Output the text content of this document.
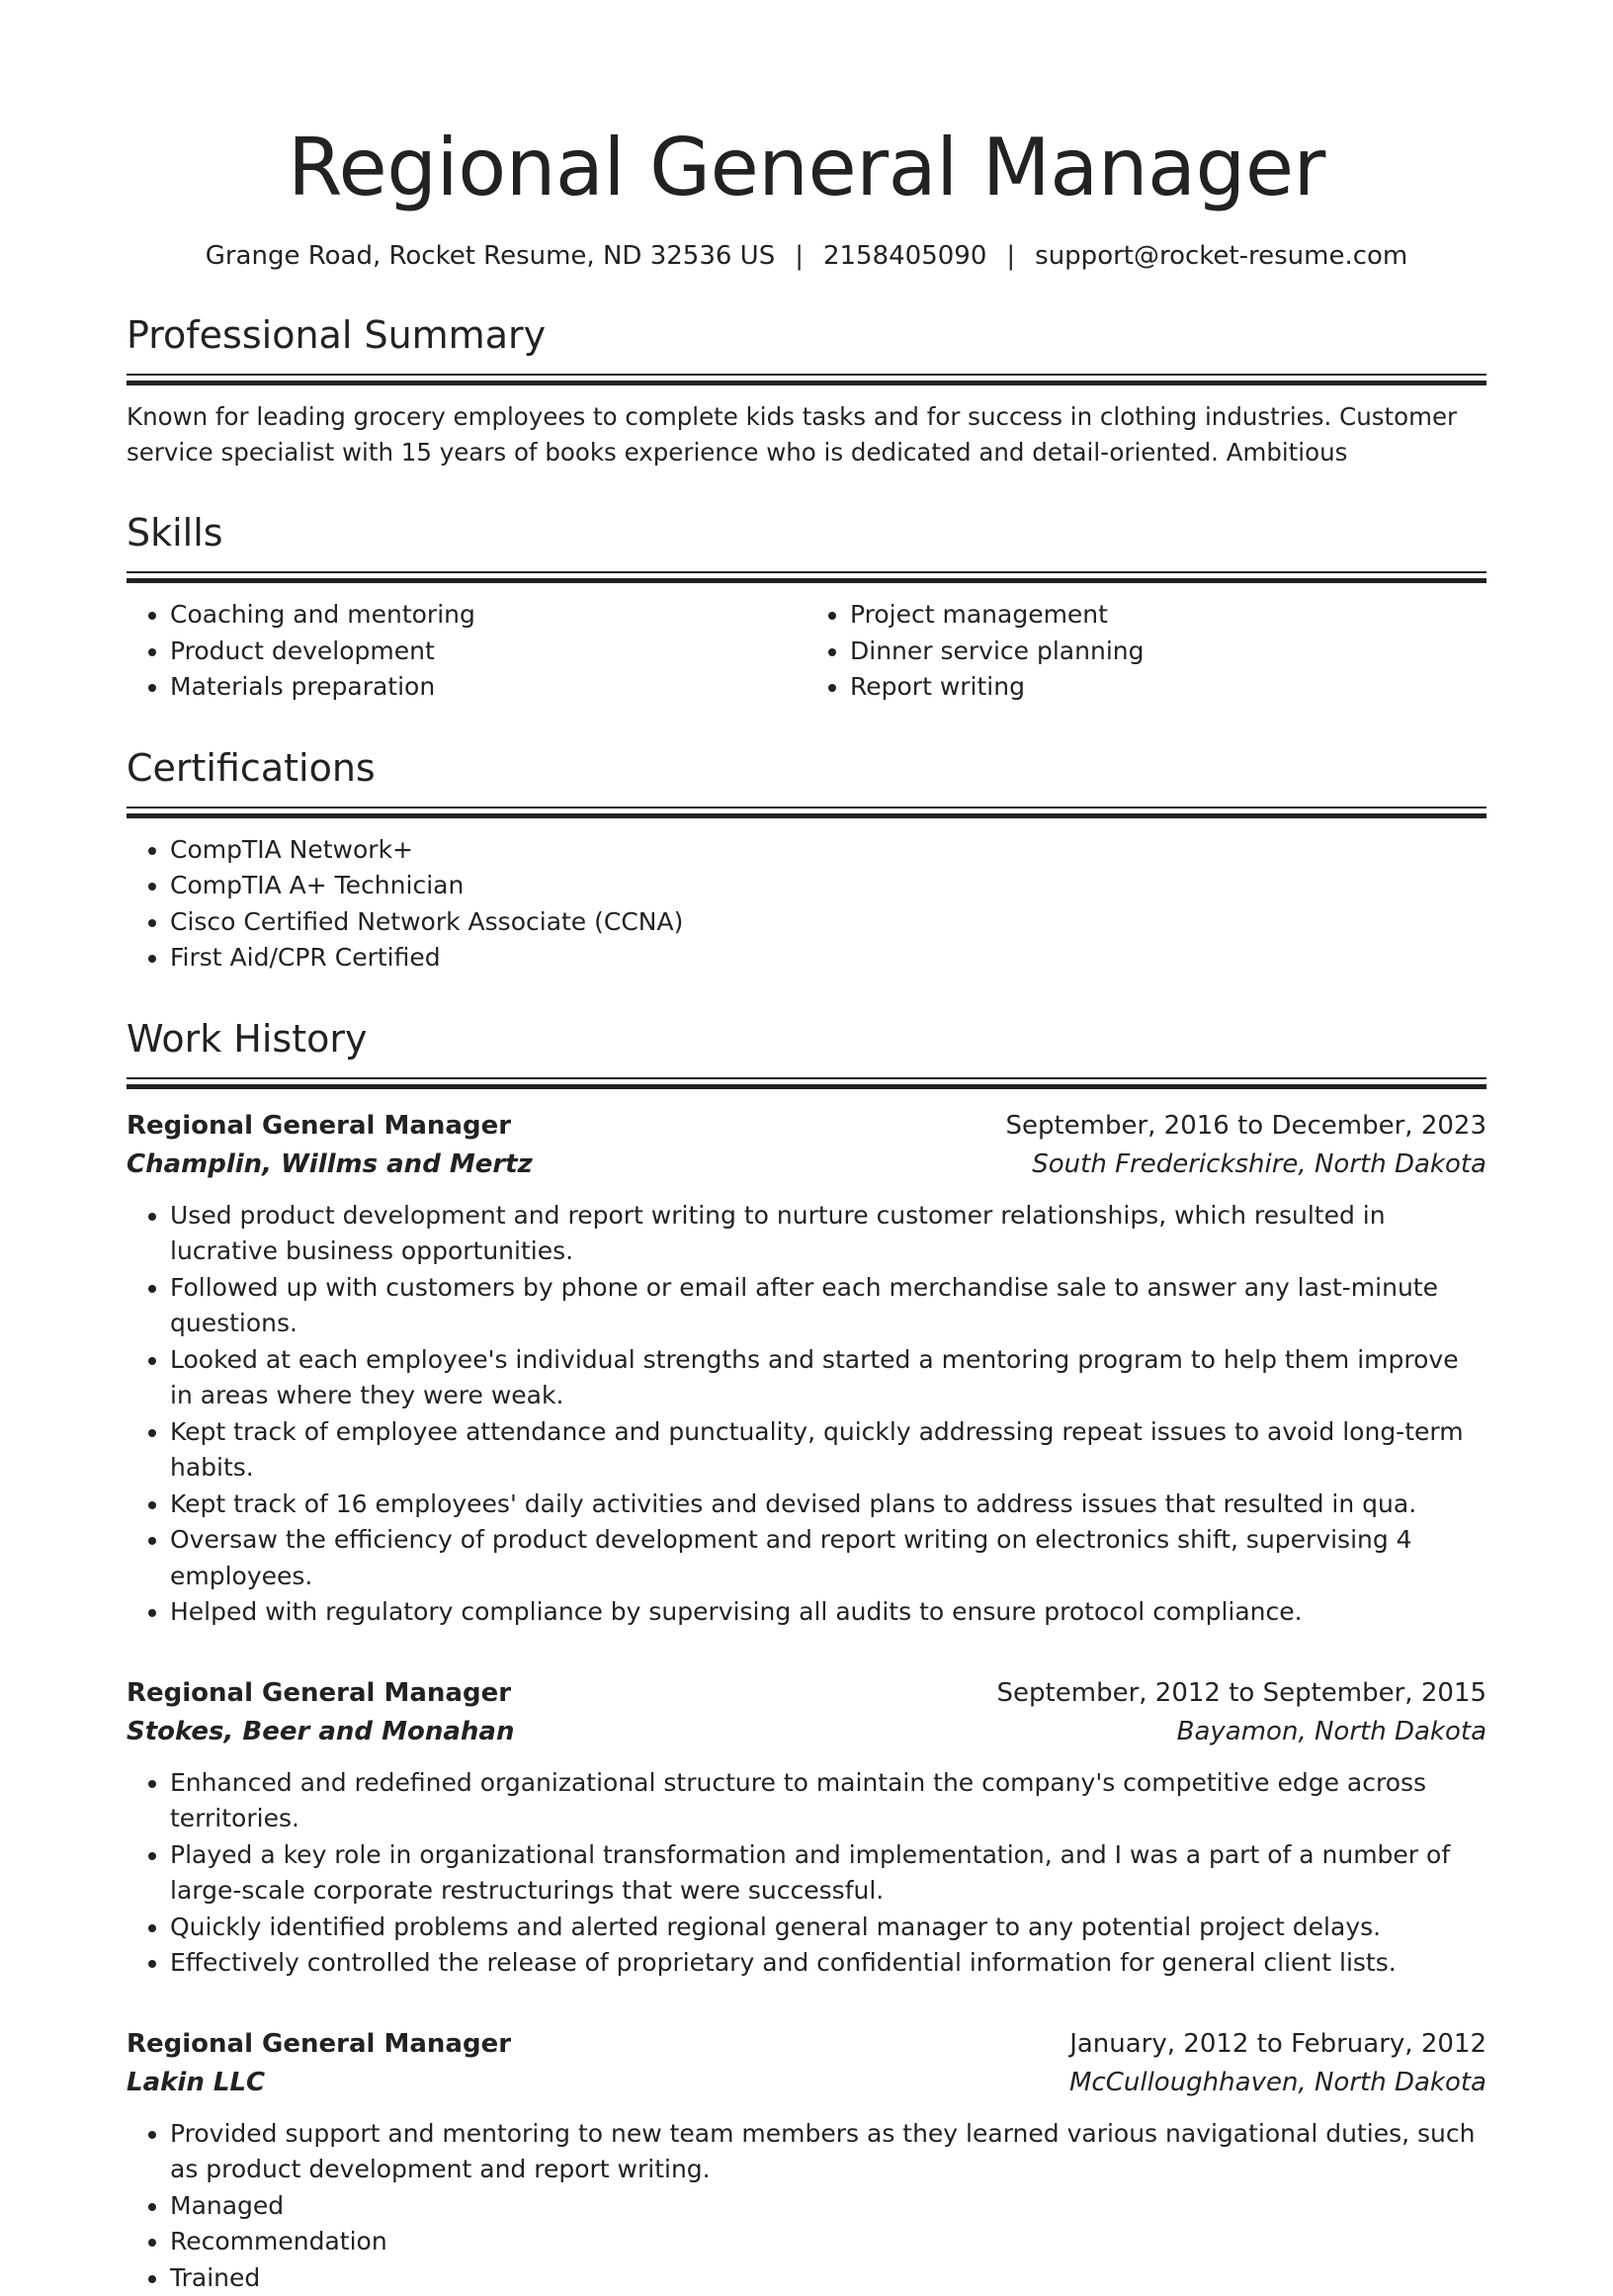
Regional General Manager
Grange Road, Rocket Resume, ND 32536 US | 2158405090 | support@rocket-resume.com
Professional Summary
Known for leading grocery employees to complete kids tasks and for success in clothing industries. Customer service specialist with 15 years of books experience who is dedicated and detail-oriented. Ambitious
Skills
• Coaching and mentoring
• Product development
• Materials preparation
• Project management
• Dinner service planning
• Report writing
Certifications
• CompTIA Network+
• CompTIA A+ Technician
• Cisco Certified Network Associate (CCNA)
• First Aid/CPR Certified
Work History
Regional General Manager	September, 2016 to December, 2023
Champlin, Willms and Mertz	South Frederickshire, North Dakota
• Used product development and report writing to nurture customer relationships, which resulted in lucrative business opportunities.
• Followed up with customers by phone or email after each merchandise sale to answer any last-minute questions.
• Looked at each employee's individual strengths and started a mentoring program to help them improve in areas where they were weak.
• Kept track of employee attendance and punctuality, quickly addressing repeat issues to avoid long-term habits.
• Kept track of 16 employees' daily activities and devised plans to address issues that resulted in qua.
• Oversaw the efficiency of product development and report writing on electronics shift, supervising 4 employees.
• Helped with regulatory compliance by supervising all audits to ensure protocol compliance.
Regional General Manager	September, 2012 to September, 2015
Stokes, Beer and Monahan	Bayamon, North Dakota
• Enhanced and redefined organizational structure to maintain the company's competitive edge across territories.
• Played a key role in organizational transformation and implementation, and I was a part of a number of large-scale corporate restructurings that were successful.
• Quickly identified problems and alerted regional general manager to any potential project delays.
• Effectively controlled the release of proprietary and confidential information for general client lists.
Regional General Manager	January, 2012 to February, 2012
Lakin LLC	McCulloughhaven, North Dakota
• Provided support and mentoring to new team members as they learned various navigational duties, such as product development and report writing.
• Managed
• Recommendation
• Trained
